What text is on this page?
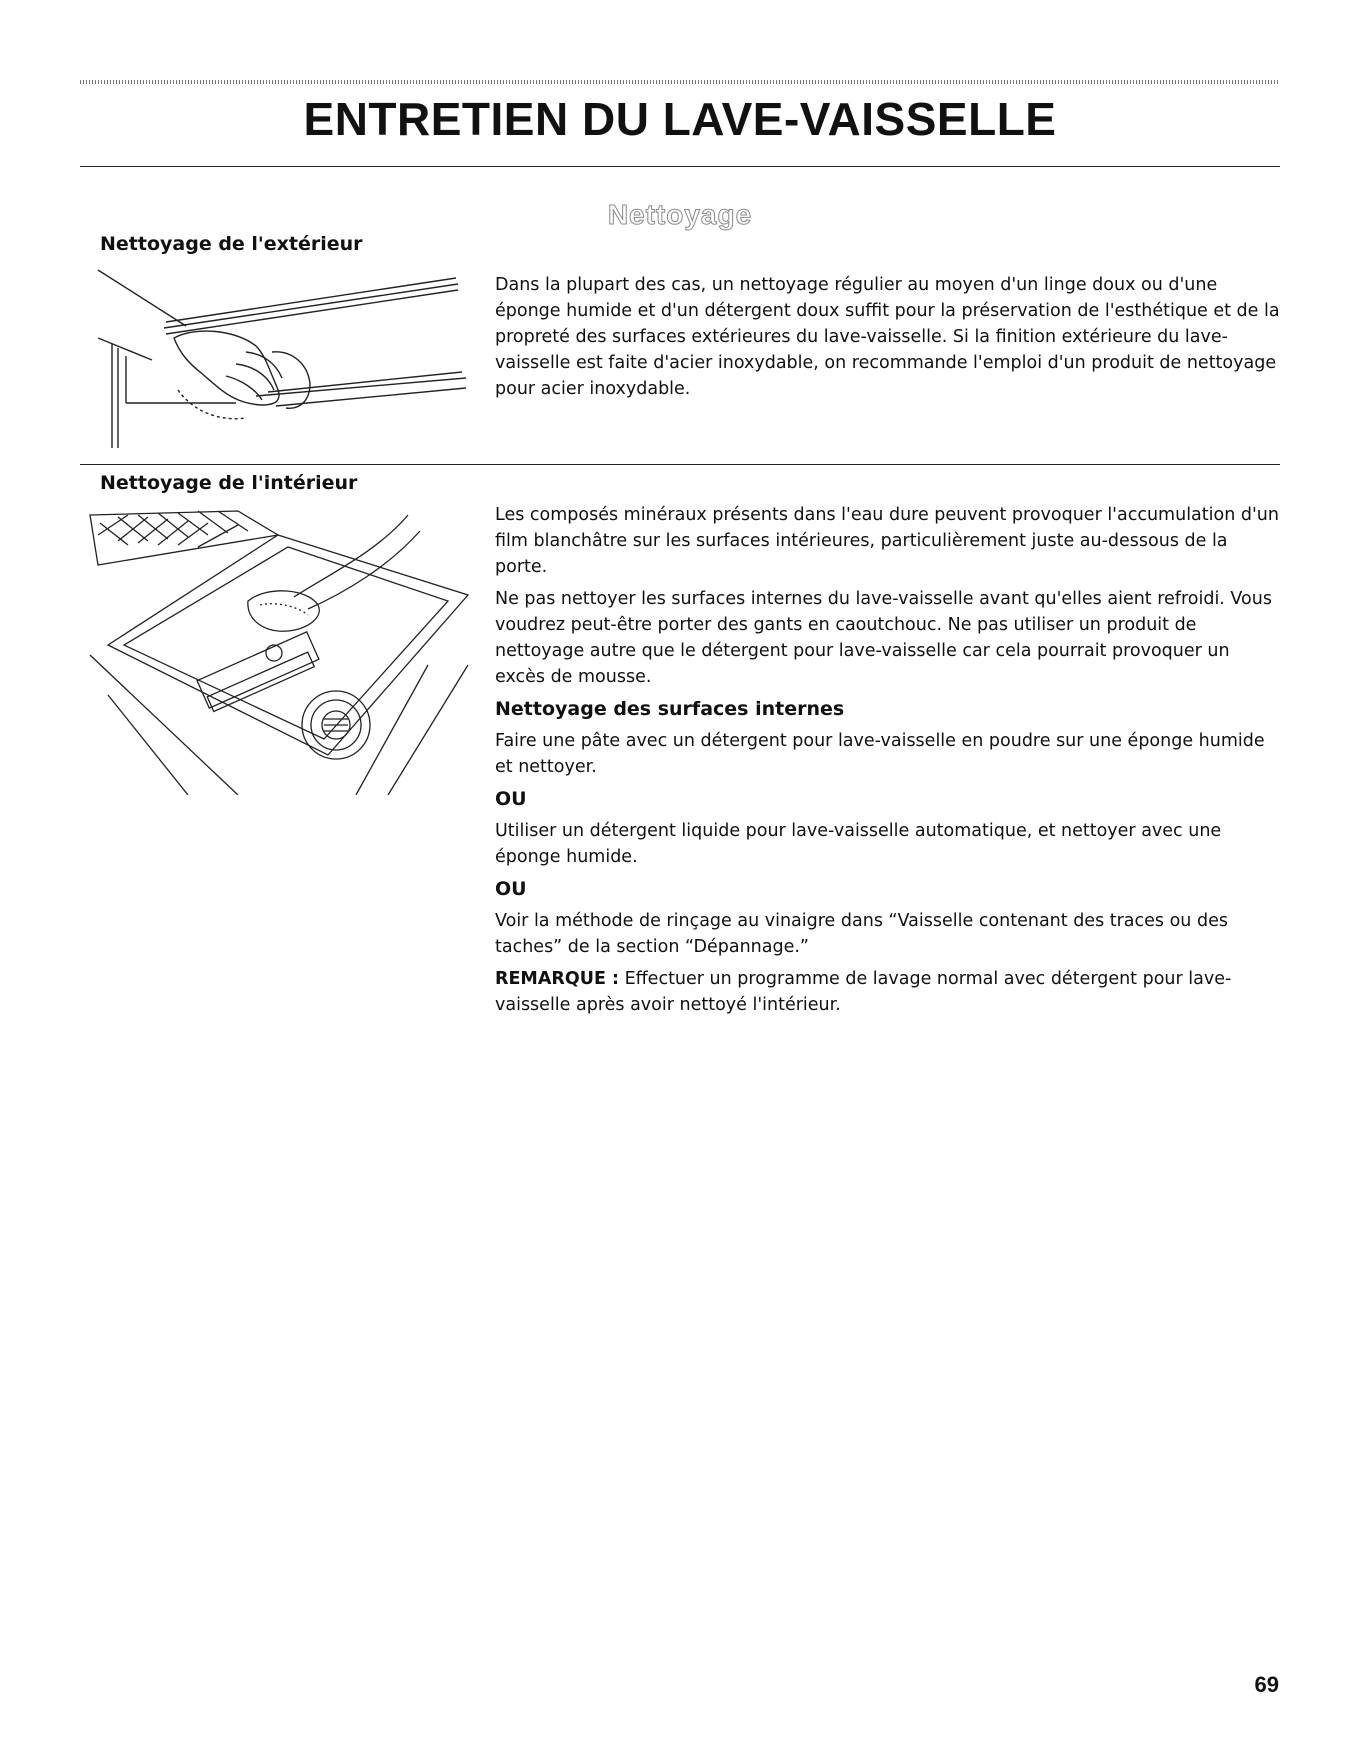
ENTRETIEN DU LAVE-VAISSELLE
Nettoyage
Nettoyage de l'extérieur

Dans la plupart des cas, un nettoyage régulier au moyen d'un linge doux ou d'une éponge humide et d'un détergent doux suffit pour la préservation de l'esthétique et de la propreté des surfaces extérieures du lave-vaisselle. Si la finition extérieure du lave-vaisselle est faite d'acier inoxydable, on recommande l'emploi d'un produit de nettoyage pour acier inoxydable.

Nettoyage de l'intérieur

Les composés minéraux présents dans l'eau dure peuvent provoquer l'accumulation d'un film blanchâtre sur les surfaces intérieures, particulièrement juste au-dessous de la porte.

Ne pas nettoyer les surfaces internes du lave-vaisselle avant qu'elles aient refroidi. Vous voudrez peut-être porter des gants en caoutchouc. Ne pas utiliser un produit de nettoyage autre que le détergent pour lave-vaisselle car cela pourrait provoquer un excès de mousse.

Nettoyage des surfaces internes

Faire une pâte avec un détergent pour lave-vaisselle en poudre sur une éponge humide et nettoyer.

OU

Utiliser un détergent liquide pour lave-vaisselle automatique, et nettoyer avec une éponge humide.

OU

Voir la méthode de rinçage au vinaigre dans “Vaisselle contenant des traces ou des taches” de la section “Dépannage.”

REMARQUE : Effectuer un programme de lavage normal avec détergent pour lave-vaisselle après avoir nettoyé l'intérieur.

69
